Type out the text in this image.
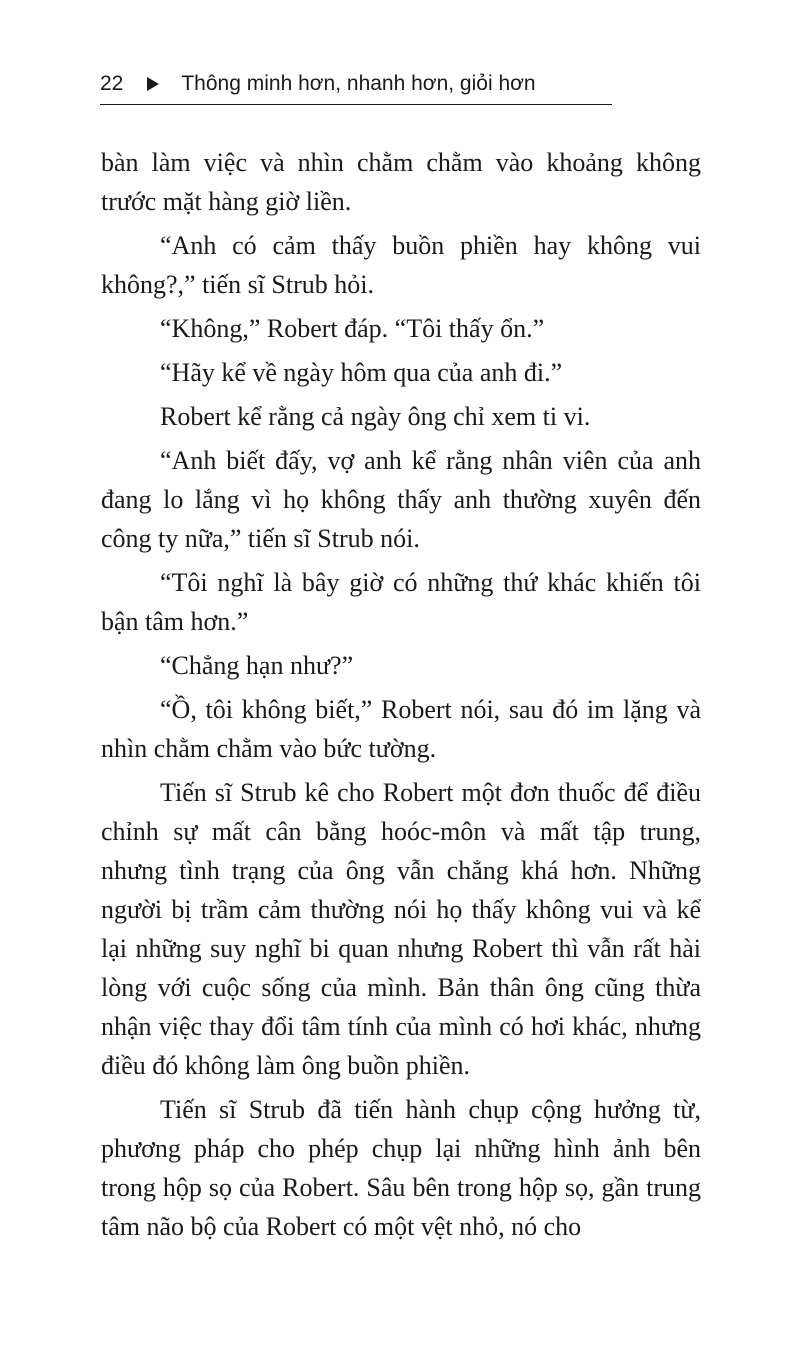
22	Thông minh hơn, nhanh hơn, giỏi hơn

bàn làm việc và nhìn chằm chằm vào khoảng không trước mặt hàng giờ liền.

“Anh có cảm thấy buồn phiền hay không vui không?,” tiến sĩ Strub hỏi.

“Không,” Robert đáp. “Tôi thấy ổn.”

“Hãy kể về ngày hôm qua của anh đi.”

Robert kể rằng cả ngày ông chỉ xem ti vi.

“Anh biết đấy, vợ anh kể rằng nhân viên của anh đang lo lắng vì họ không thấy anh thường xuyên đến công ty nữa,” tiến sĩ Strub nói.

“Tôi nghĩ là bây giờ có những thứ khác khiến tôi bận tâm hơn.”

“Chẳng hạn như?”

“Ồ, tôi không biết,” Robert nói, sau đó im lặng và nhìn chằm chằm vào bức tường.

Tiến sĩ Strub kê cho Robert một đơn thuốc để điều chỉnh sự mất cân bằng hoóc-môn và mất tập trung, nhưng tình trạng của ông vẫn chẳng khá hơn. Những người bị trầm cảm thường nói họ thấy không vui và kể lại những suy nghĩ bi quan nhưng Robert thì vẫn rất hài lòng với cuộc sống của mình. Bản thân ông cũng thừa nhận việc thay đổi tâm tính của mình có hơi khác, nhưng điều đó không làm ông buồn phiền.

Tiến sĩ Strub đã tiến hành chụp cộng hưởng từ, phương pháp cho phép chụp lại những hình ảnh bên trong hộp sọ của Robert. Sâu bên trong hộp sọ, gần trung tâm não bộ của Robert có một vệt nhỏ, nó cho
